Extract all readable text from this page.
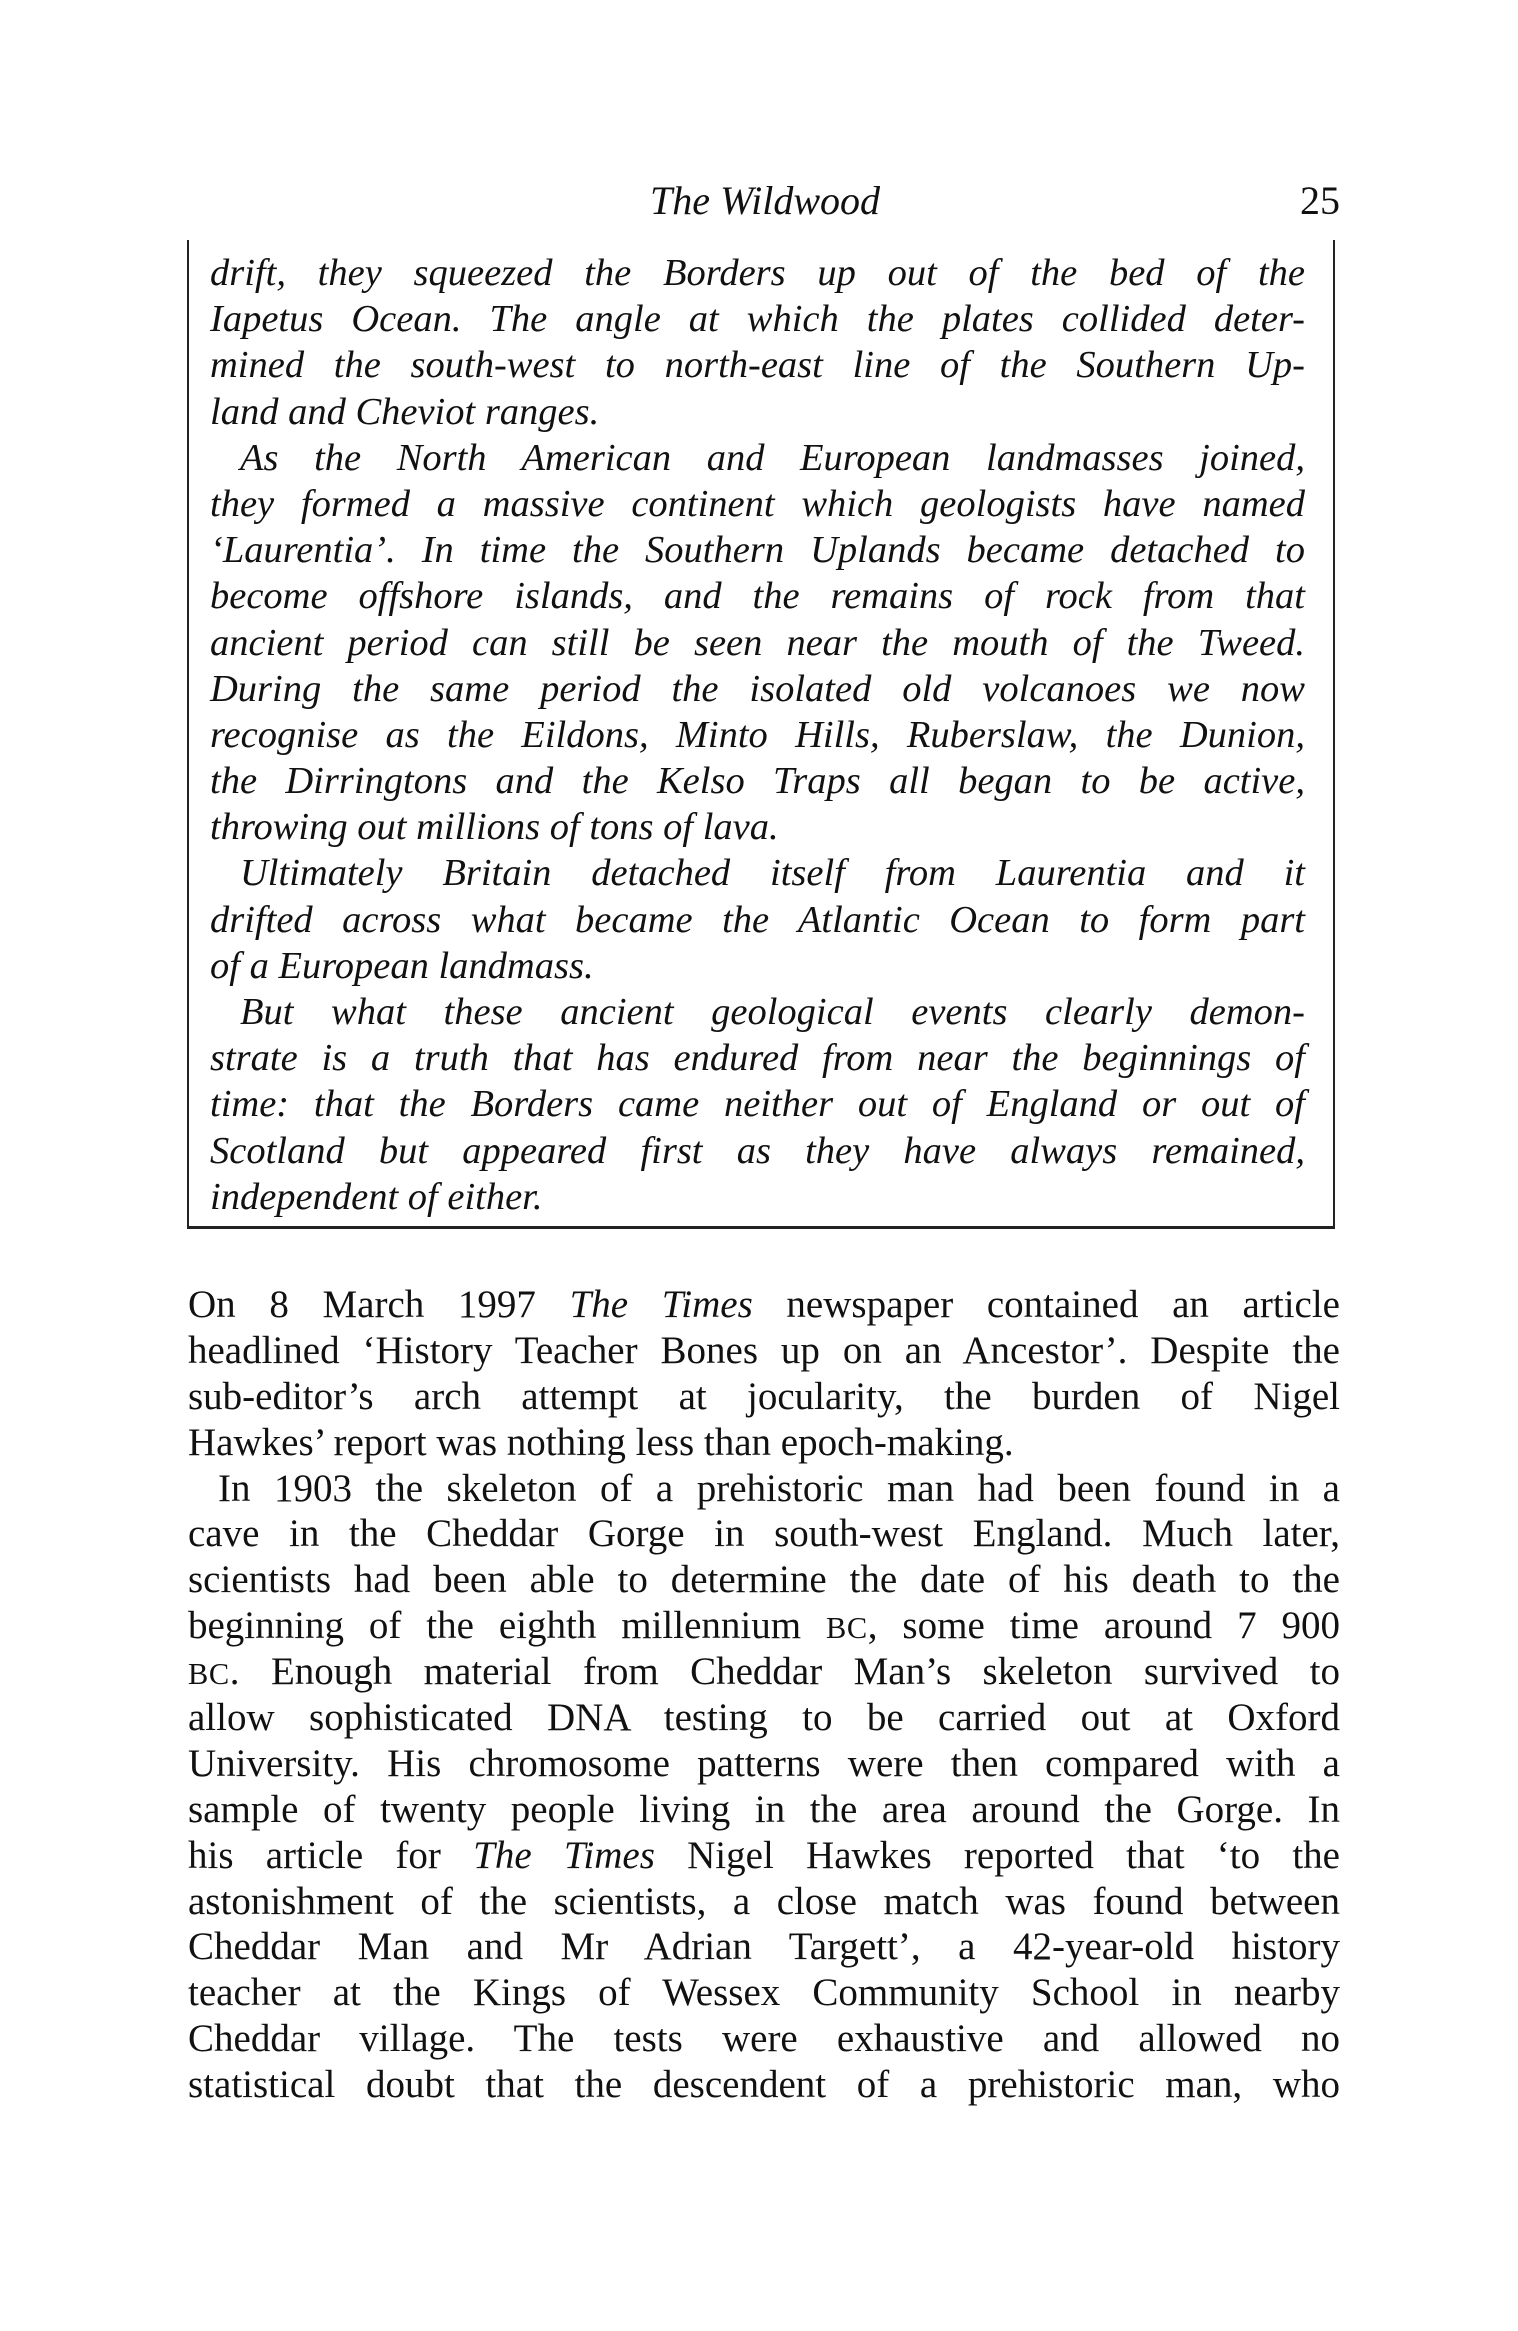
The Wildwood	25
drift, they squeezed the Borders up out of the bed of the
Iapetus Ocean. The angle at which the plates collided deter-
mined the south-west to north-east line of the Southern Up-
land and Cheviot ranges.
As the North American and European landmasses joined,
they formed a massive continent which geologists have named
‘Laurentia’. In time the Southern Uplands became detached to
become offshore islands, and the remains of rock from that
ancient period can still be seen near the mouth of the Tweed.
During the same period the isolated old volcanoes we now
recognise as the Eildons, Minto Hills, Ruberslaw, the Dunion,
the Dirringtons and the Kelso Traps all began to be active,
throwing out millions of tons of lava.
Ultimately Britain detached itself from Laurentia and it
drifted across what became the Atlantic Ocean to form part
of a European landmass.
But what these ancient geological events clearly demon-
strate is a truth that has endured from near the beginnings of
time: that the Borders came neither out of England or out of
Scotland but appeared first as they have always remained,
independent of either.
On 8 March 1997 The Times newspaper contained an article
headlined ‘History Teacher Bones up on an Ancestor’. Despite the
sub-editor’s arch attempt at jocularity, the burden of Nigel
Hawkes’ report was nothing less than epoch-making.
In 1903 the skeleton of a prehistoric man had been found in a
cave in the Cheddar Gorge in south-west England. Much later,
scientists had been able to determine the date of his death to the
beginning of the eighth millennium BC, some time around 7 900
BC. Enough material from Cheddar Man’s skeleton survived to
allow sophisticated DNA testing to be carried out at Oxford
University. His chromosome patterns were then compared with a
sample of twenty people living in the area around the Gorge. In
his article for The Times Nigel Hawkes reported that ‘to the
astonishment of the scientists, a close match was found between
Cheddar Man and Mr Adrian Targett’, a 42-year-old history
teacher at the Kings of Wessex Community School in nearby
Cheddar village. The tests were exhaustive and allowed no
statistical doubt that the descendent of a prehistoric man, who
